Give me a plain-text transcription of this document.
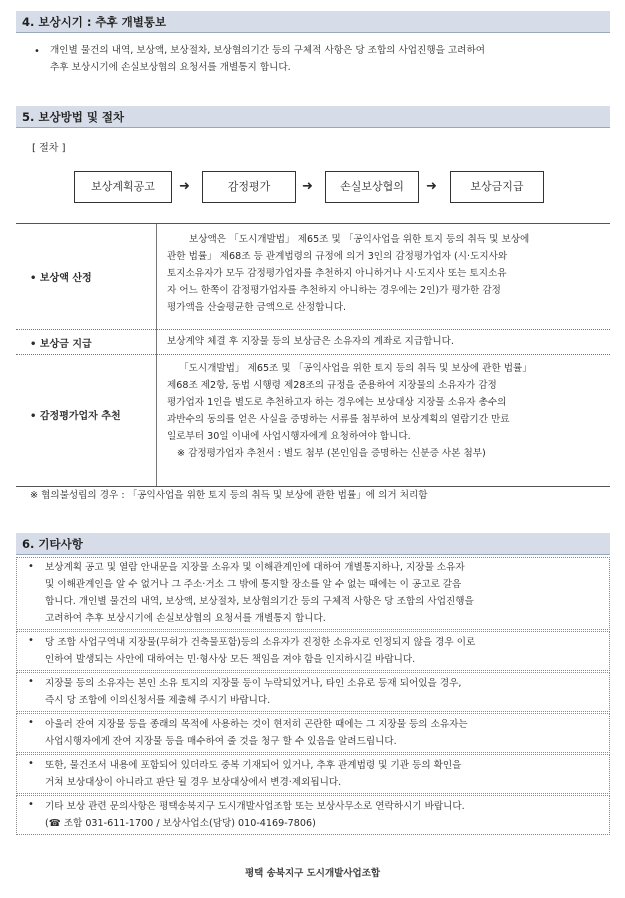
4. 보상시기 : 추후 개별통보
• 개인별 물건의 내역, 보상액, 보상절차, 보상협의기간 등의 구체적 사항은 당 조합의 사업진행을 고려하여
추후 보상시기에 손실보상협의 요청서를 개별통지 합니다.
5. 보상방법 및 절차
[ 절차 ]
보상계획공고	➜	감정평가	➜	손실보상협의	➜	보상금지급
• 보상액 산정
보상액은 「도시개발법」 제65조 및 「공익사업을 위한 토지 등의 취득 및 보상에
관한 법률」 제68조 등 관계법령의 규정에 의거 3인의 감정평가업자 (시·도지사와
토지소유자가 모두 감정평가업자를 추천하지 아니하거나 시·도지사 또는 토지소유
자 어느 한쪽이 감정평가업자를 추천하지 아니하는 경우에는 2인)가 평가한 감정
평가액을 산술평균한 금액으로 산정합니다.
• 보상금 지급	보상계약 체결 후 지장물 등의 보상금은 소유자의 계좌로 지급합니다.
• 감정평가업자 추천
「도시개발법」 제65조 및 「공익사업을 위한 토지 등의 취득 및 보상에 관한 법률」
제68조 제2항, 동법 시행령 제28조의 규정을 준용하여 지장물의 소유자가 감정
평가업자 1인을 별도로 추천하고자 하는 경우에는 보상대상 지장물 소유자 총수의
과반수의 동의를 얻은 사실을 증명하는 서류를 첨부하여 보상계획의 열람기간 만료
일로부터 30일 이내에 사업시행자에게 요청하여야 합니다.
※ 감정평가업자 추천서 : 별도 첨부 (본인임을 증명하는 신분증 사본 첨부)
※ 협의불성립의 경우 : 「공익사업을 위한 토지 등의 취득 및 보상에 관한 법률」에 의거 처리함
6. 기타사항
• 보상계획 공고 및 열람 안내문을 지장물 소유자 및 이해관계인에 대하여 개별통지하나, 지장물 소유자
및 이해관계인을 알 수 없거나 그 주소·거소 그 밖에 통지할 장소를 알 수 없는 때에는 이 공고로 갈음
합니다. 개인별 물건의 내역, 보상액, 보상절차, 보상협의기간 등의 구체적 사항은 당 조합의 사업진행을
고려하여 추후 보상시기에 손실보상협의 요청서를 개별통지 합니다.
• 당 조합 사업구역내 지장물(무허가 건축물포함)등의 소유자가 진정한 소유자로 인정되지 않을 경우 이로
인하여 발생되는 사안에 대하여는 민·형사상 모든 책임을 져야 함을 인지하시길 바랍니다.
• 지장물 등의 소유자는 본인 소유 토지의 지장물 등이 누락되었거나, 타인 소유로 등재 되어있을 경우,
즉시 당 조합에 이의신청서를 제출해 주시기 바랍니다.
• 아울러 잔여 지장물 등을 종래의 목적에 사용하는 것이 현저히 곤란한 때에는 그 지장물 등의 소유자는
사업시행자에게 잔여 지장물 등을 매수하여 줄 것을 청구 할 수 있음을 알려드립니다.
• 또한, 물건조서 내용에 포함되어 있더라도 중복 기재되어 있거나, 추후 관계법령 및 기관 등의 확인을
거쳐 보상대상이 아니라고 판단 될 경우 보상대상에서 변경·제외됩니다.
• 기타 보상 관련 문의사항은 평택송북지구 도시개발사업조합 또는 보상사무소로 연락하시기 바랍니다.
(☎ 조합 031-611-1700 / 보상사업소(담당) 010-4169-7806)
평택 송북지구 도시개발사업조합
